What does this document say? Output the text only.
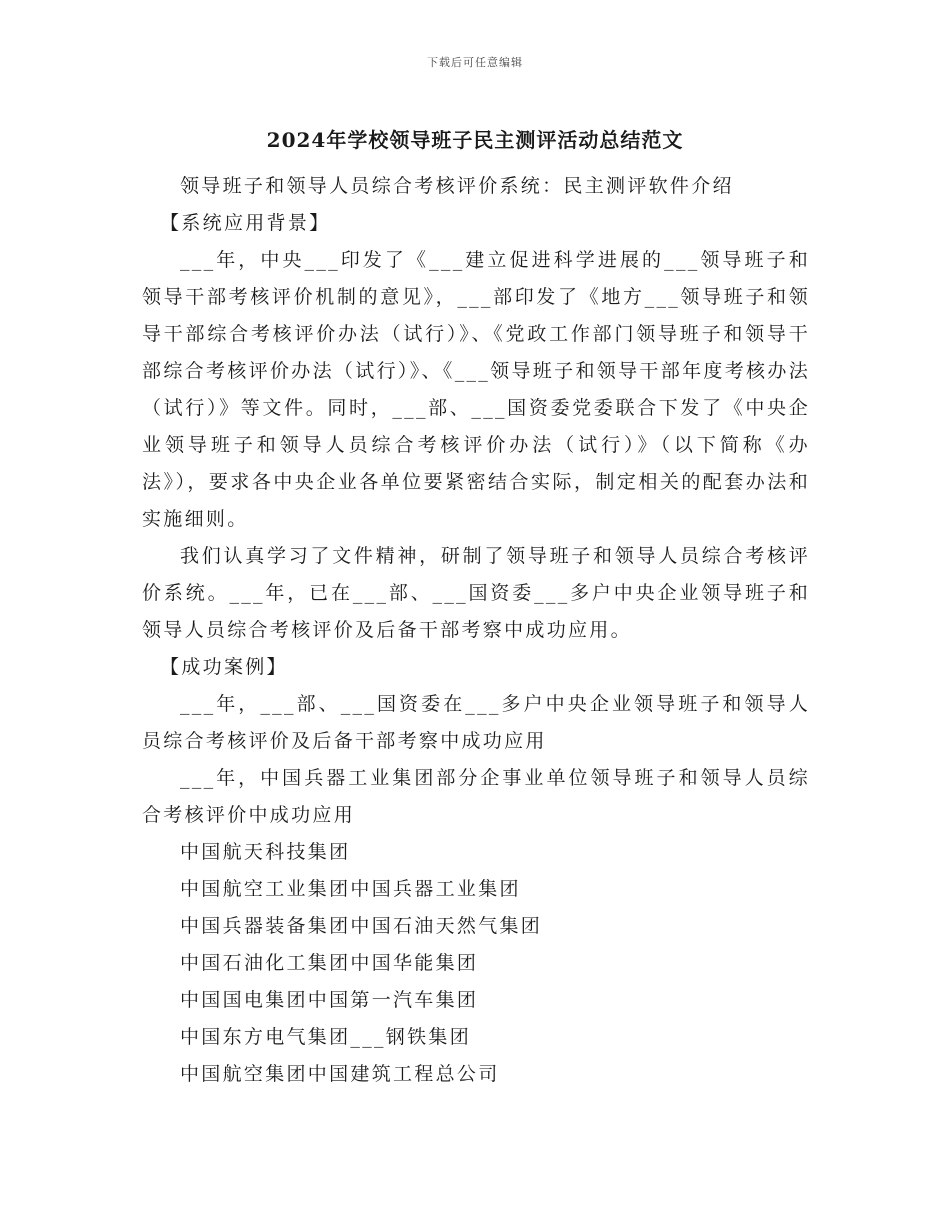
下载后可任意编辑
2024年学校领导班子民主测评活动总结范文

领导班子和领导人员综合考核评价系统：民主测评软件介绍

【系统应用背景】

___年，中央___印发了《___建立促进科学进展的___领导班子和领导干部考核评价机制的意见》，___部印发了《地方___领导班子和领导干部综合考核评价办法（试行）》、《党政工作部门领导班子和领导干部综合考核评价办法（试行）》、《___领导班子和领导干部年度考核办法（试行）》等文件。同时，___部、___国资委党委联合下发了《中央企业领导班子和领导人员综合考核评价办法（试行）》（以下简称《办法》），要求各中央企业各单位要紧密结合实际，制定相关的配套办法和实施细则。

我们认真学习了文件精神，研制了领导班子和领导人员综合考核评价系统。___年，已在___部、___国资委___多户中央企业领导班子和领导人员综合考核评价及后备干部考察中成功应用。

【成功案例】

___年，___部、___国资委在___多户中央企业领导班子和领导人员综合考核评价及后备干部考察中成功应用

___年，中国兵器工业集团部分企事业单位领导班子和领导人员综合考核评价中成功应用

中国航天科技集团

中国航空工业集团中国兵器工业集团

中国兵器装备集团中国石油天然气集团

中国石油化工集团中国华能集团

中国国电集团中国第一汽车集团

中国东方电气集团___钢铁集团

中国航空集团中国建筑工程总公司
